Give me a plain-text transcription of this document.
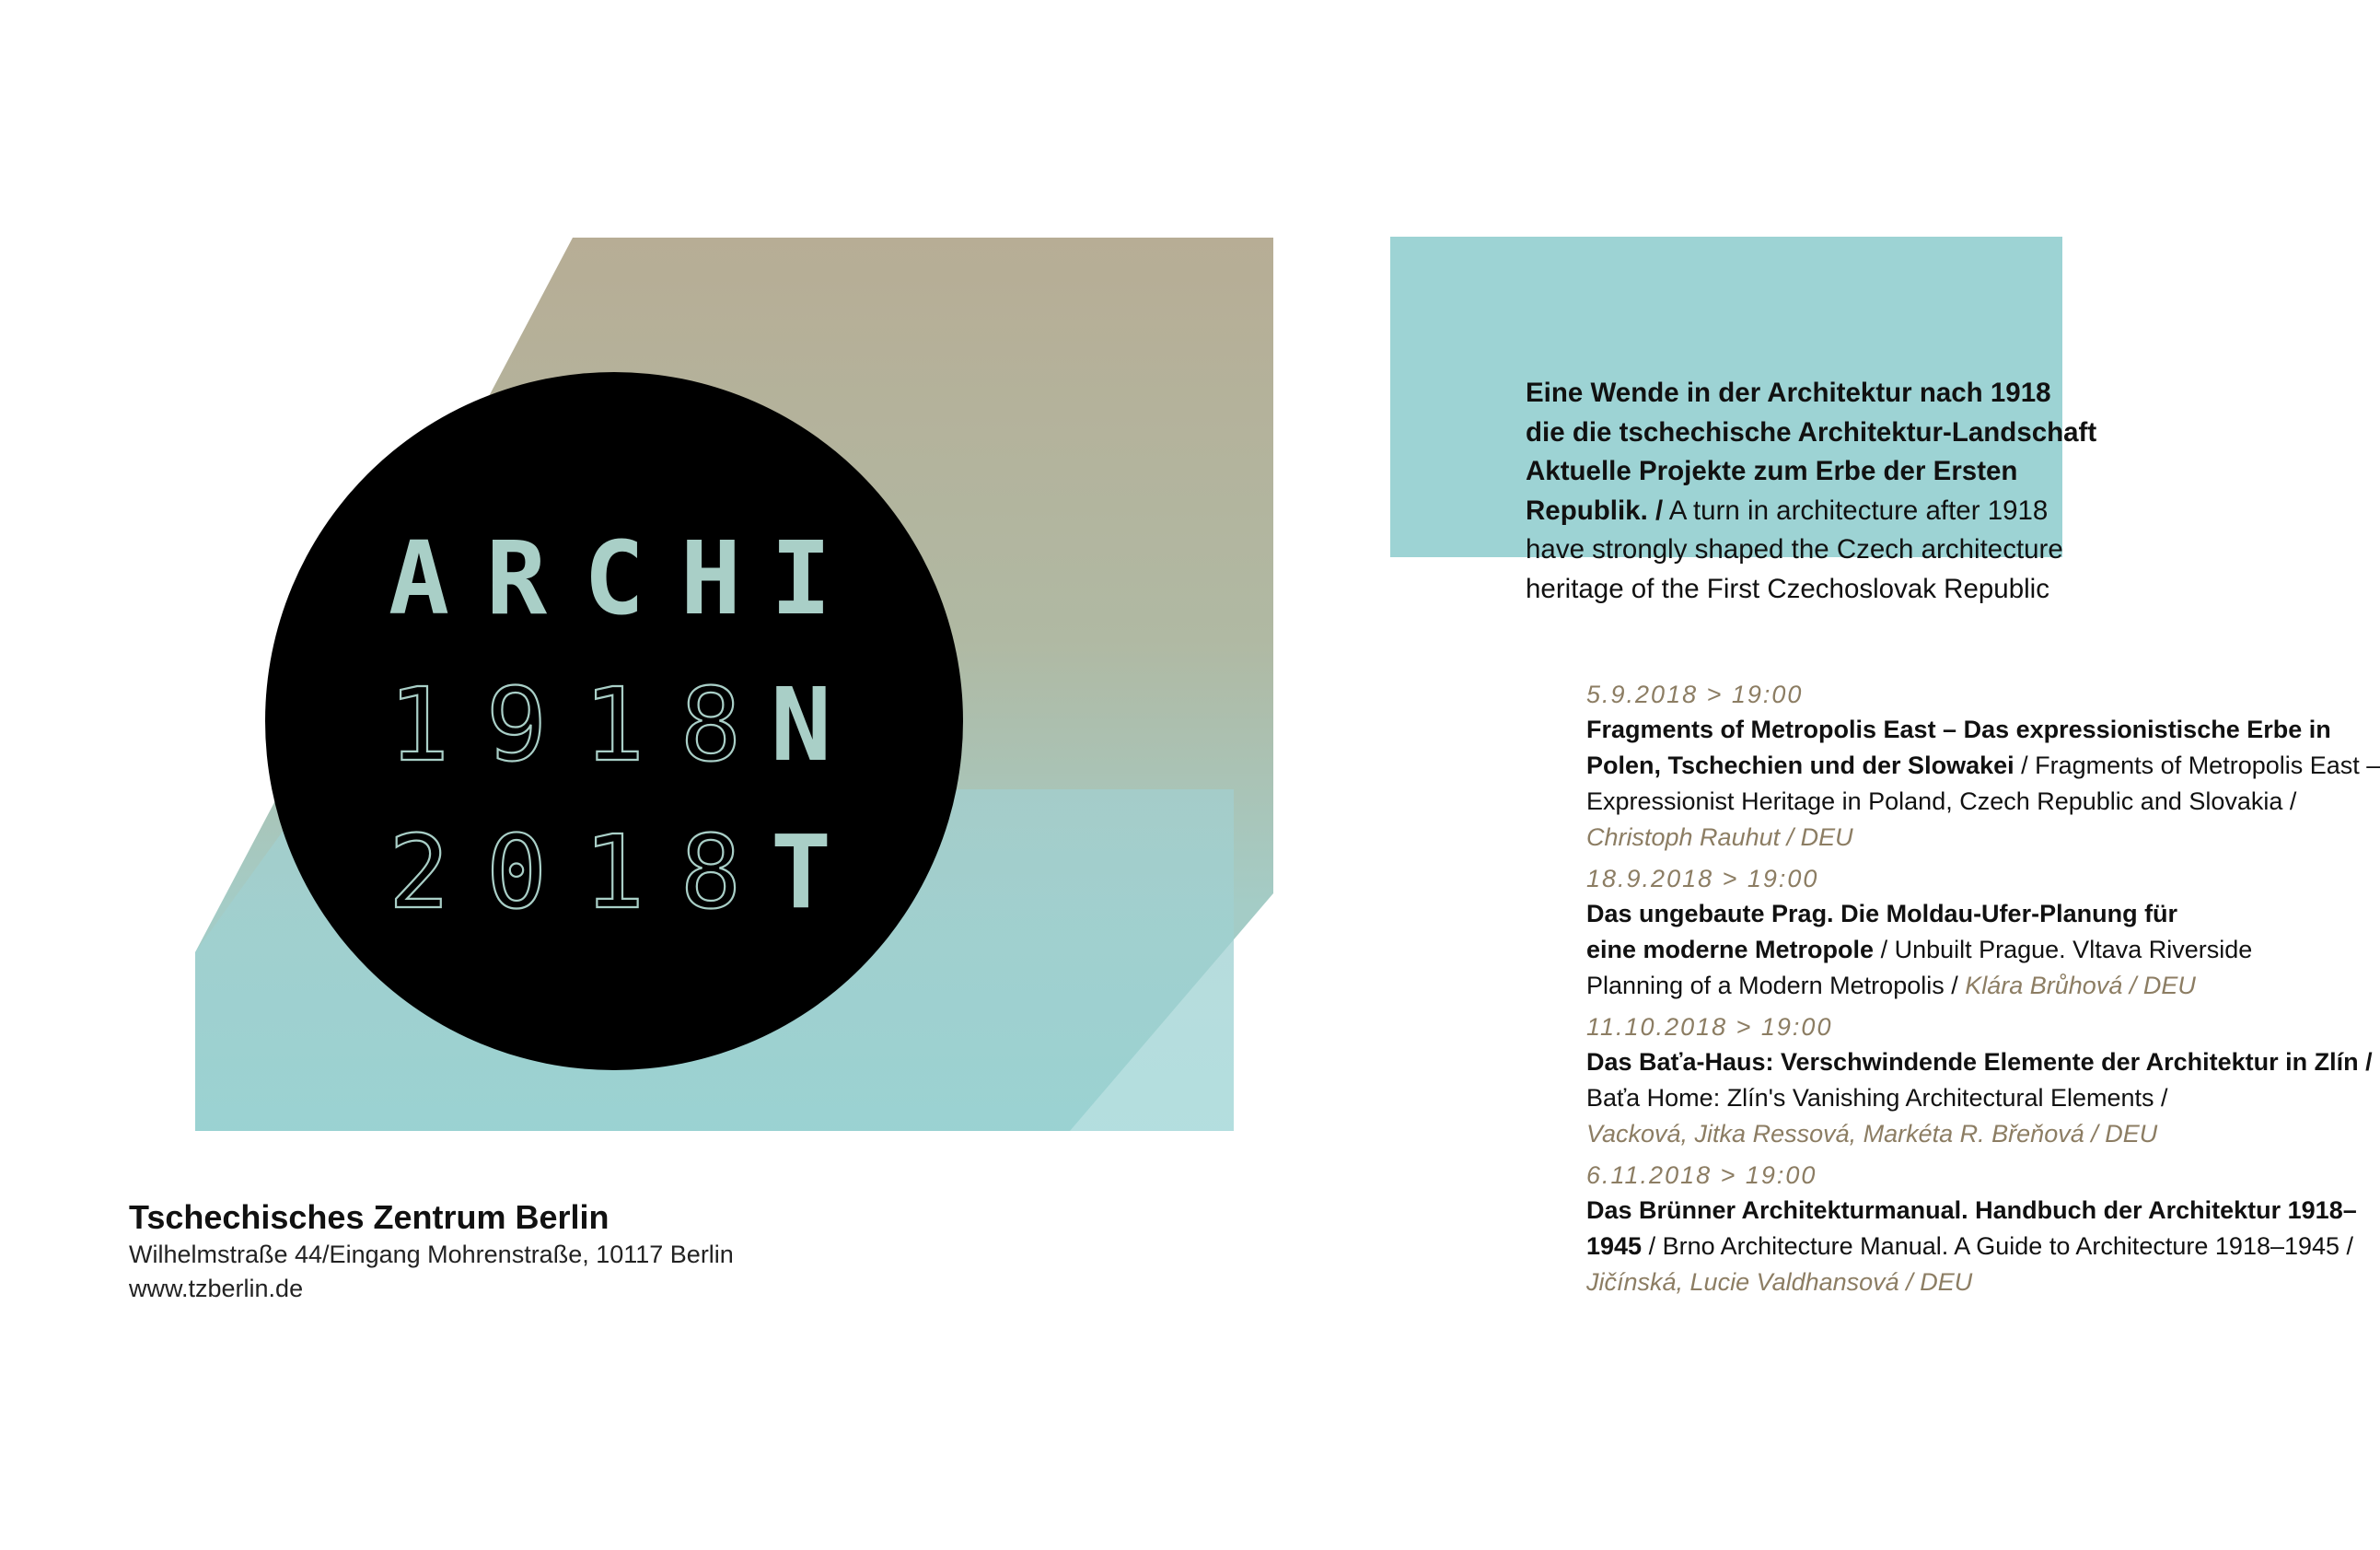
A R C H I
1 9 1 8 N
2 0 1 8 T
Tschechisches Zentrum Berlin
Wilhelmstraße 44/Eingang Mohrenstraße, 10117 Berlin
www.tzberlin.de
Eine Wende in der Architektur nach 1918
die die tschechische Architektur-Landschaft
Aktuelle Projekte zum Erbe der Ersten
Republik. / A turn in architecture after 1918
have strongly shaped the Czech architecture
heritage of the First Czechoslovak Republic
5.9.2018 > 19:00
Fragments of Metropolis East – Das expressionistische Erbe in
Polen, Tschechien und der Slowakei / Fragments of Metropolis East –
Expressionist Heritage in Poland, Czech Republic and Slovakia /
Christoph Rauhut / DEU
18.9.2018 > 19:00
Das ungebaute Prag. Die Moldau-Ufer-Planung für
eine moderne Metropole / Unbuilt Prague. Vltava Riverside
Planning of a Modern Metropolis / Klára Brůhová / DEU
11.10.2018 > 19:00
Das Baťa-Haus: Verschwindende Elemente der Architektur in Zlín /
Baťa Home: Zlín's Vanishing Architectural Elements /
Vacková, Jitka Ressová, Markéta R. Břeňová / DEU
6.11.2018 > 19:00
Das Brünner Architekturmanual. Handbuch der Architektur 1918–
1945 / Brno Architecture Manual. A Guide to Architecture 1918–1945 /
Jičínská, Lucie Valdhansová / DEU
